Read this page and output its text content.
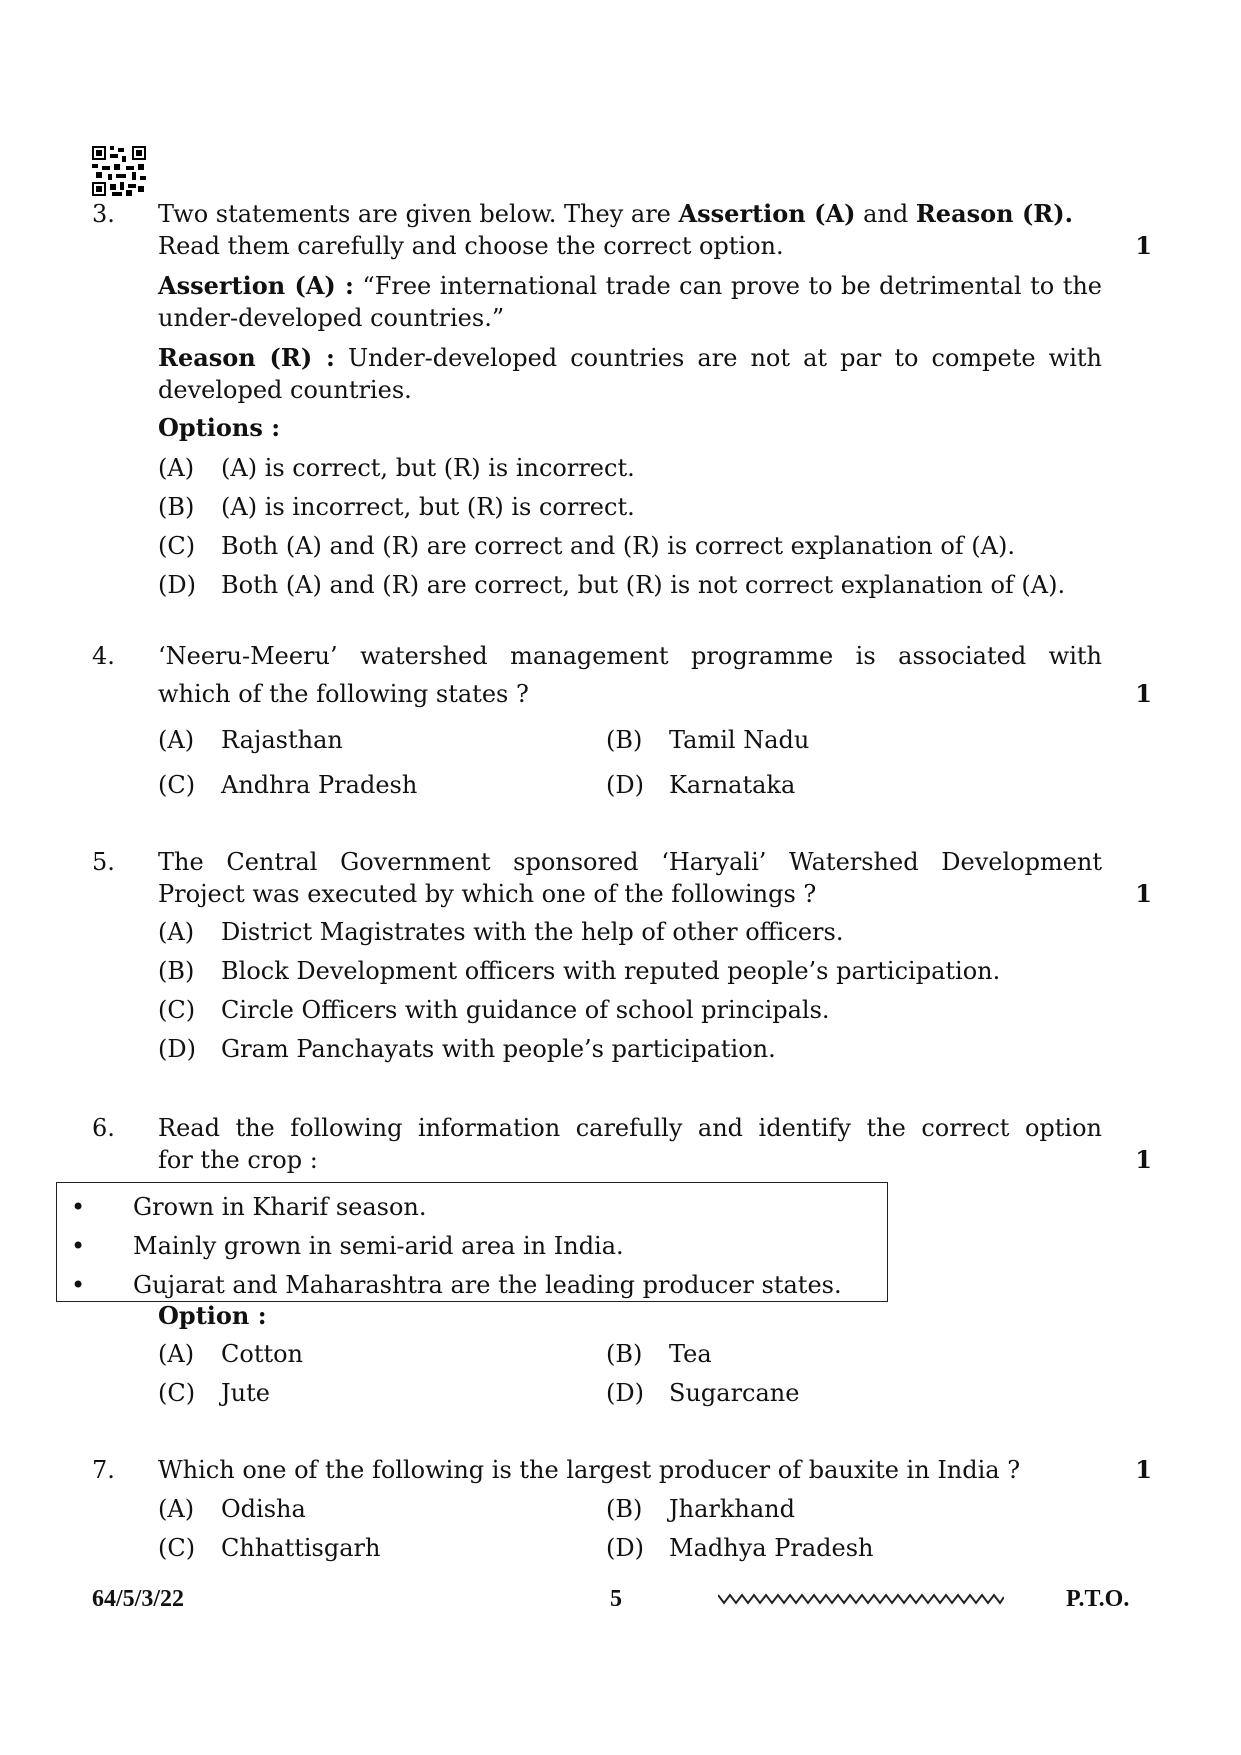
3.	Two statements are given below. They are Assertion (A) and Reason (R).
Read them carefully and choose the correct option.	1
Assertion (A) : “Free international trade can prove to be detrimental to the under-developed countries.”
Reason (R) : Under-developed countries are not at par to compete with developed countries.
Options :
(A) (A) is correct, but (R) is incorrect.
(B) (A) is incorrect, but (R) is correct.
(C) Both (A) and (R) are correct and (R) is correct explanation of (A).
(D) Both (A) and (R) are correct, but (R) is not correct explanation of (A).
4.	‘Neeru-Meeru’ watershed management programme is associated with
which of the following states ?	1
(A) Rajasthan	(B) Tamil Nadu
(C) Andhra Pradesh	(D) Karnataka
5.	The Central Government sponsored ‘Haryali’ Watershed Development
Project was executed by which one of the followings ?	1
(A) District Magistrates with the help of other officers.
(B) Block Development officers with reputed people’s participation.
(C) Circle Officers with guidance of school principals.
(D) Gram Panchayats with people’s participation.
6.	Read the following information carefully and identify the correct option
for the crop :	1
• Grown in Kharif season.
• Mainly grown in semi-arid area in India.
• Gujarat and Maharashtra are the leading producer states.
Option :
(A) Cotton	(B) Tea
(C) Jute	(D) Sugarcane
7.	Which one of the following is the largest producer of bauxite in India ?	1
(A) Odisha	(B) Jharkhand
(C) Chhattisgarh	(D) Madhya Pradesh
64/5/3/22	5	P.T.O.
